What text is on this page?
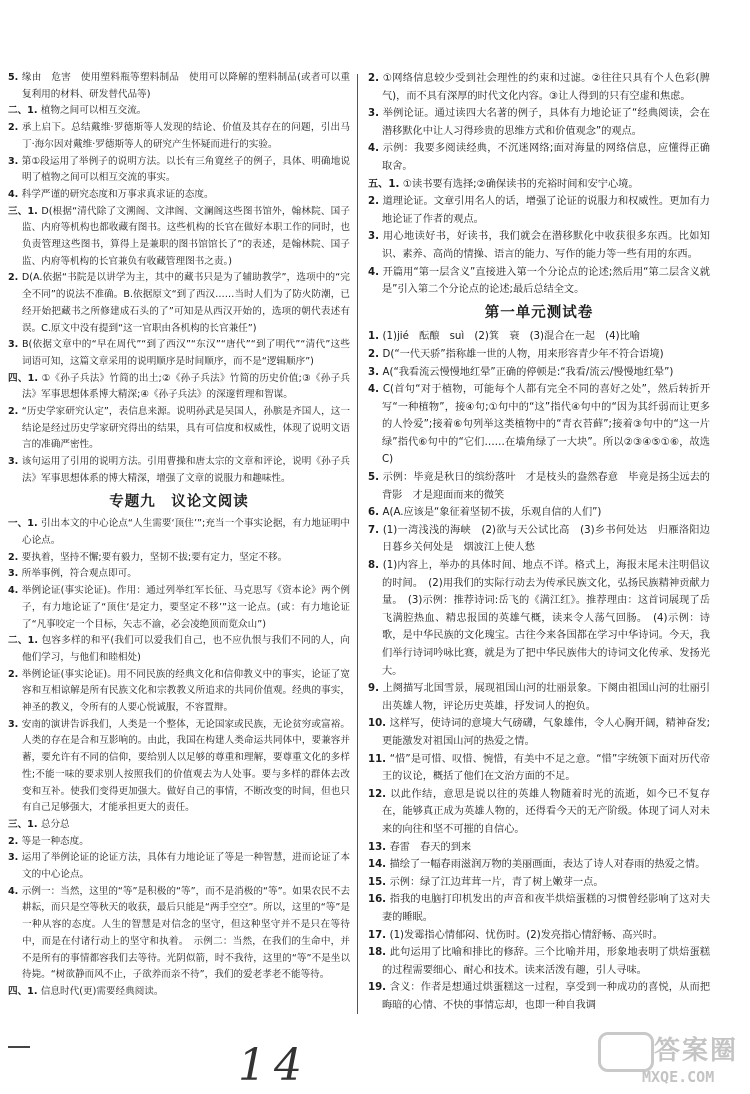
5. 缘由　危害　使用塑料瓶等塑料制品　使用可以降解的塑料制品(或者可以重复利用的材料、研发替代品等)

二、1. 植物之间可以相互交流。

2. 承上启下。总结戴维·罗德斯等人发现的结论、价值及其存在的问题，引出马丁·海尔因对戴维·罗德斯等人的研究产生怀疑而进行的实验。

3. 第①段运用了举例子的说明方法。以长有三角寛丝子的例子，具体、明确地说明了植物之间可以相互交流的事实。

4. 科学严谨的研究态度和万事求真求证的态度。

三、1. D(根据“清代除了文溯阁、文津阁、文澜阁这些图书馆外，翰林院、国子监、内府等机构也都收藏有图书。这些机构的长官在做好本职工作的同时，也负责管理这些图书，算得上是兼职的图书馆馆长了”的表述，是翰林院、国子监、内府等机构的长官兼负有收藏管理图书之责。)

2. D(A.依据“书院是以讲学为主，其中的藏书只是为了辅助教学”，选项中的“完全不同”的说法不准确。B.依据原文“到了西汉……当时人们为了防火防潮，已经开始把藏书之所修建成石头的了”可知是从西汉开始的，选项的朝代表述有误。C.原文中没有提到“这一官职由各机构的长官兼任”)

3. B(依据文章中的“早在周代”“到了西汉”“东汉”“唐代”“到了明代”“清代”这些词语可知，这篇文章采用的说明顺序是时间顺序，而不是“逻辑顺序”)

四、1. ①《孙子兵法》竹简的出土;②《孙子兵法》竹简的历史价值;③《孙子兵法》军事思想体系博大精深;④《孙子兵法》的深邃哲理和智谋。

2. “历史学家研究认定”，表信息来源。说明孙武是吴国人，孙膑是齐国人，这一结论是经过历史学家研究得出的结果，具有可信度和权威性，体现了说明文语言的准确严密性。

3. 该句运用了引用的说明方法。引用曹操和唐太宗的文章和评论，说明《孙子兵法》军事思想体系的博大精深，增强了文章的说服力和趣味性。

专题九　议论文阅读

一、1. 引出本文的中心论点“人生需要‘顶住’”;充当一个事实论据，有力地证明中心论点。

2. 要执着，坚持不懈;要有毅力，坚韧不拔;要有定力，坚定不移。

3. 所举事例，符合观点即可。

4. 举例论证(事实论证)。作用：通过列举红军长征、马克思写《资本论》两个例子，有力地论证了“顶住‘是定力，要坚定不移’”这一论点。(或：有力地论证了“凡事咬定一个目标，矢志不渝，必会凌绝顶而览众山”)

二、1. 包容多样的和平(我们可以爱我们自己，也不应仇恨与我们不同的人，向他们学习，与他们和睦相处)

2. 举例论证(事实论证)。用不同民族的经典文化和信仰教义中的事实，论证了宽容和互相谅解是所有民族文化和宗教教义所追求的共同价值观。经典的事实，神圣的教义，令所有的人要心悦诚服，不容置辩。

3. 安南的演讲告诉我们，人类是一个整体，无论国家或民族，无论贫穷或富裕。人类的存在是合和互影响的。由此，我国在构建人类命运共同体中，要兼容并蓄，要允许有不同的信仰，要给别人以足够的尊重和理解，要尊重文化的多样性;不能一味的要求别人按照我们的价值观去为人处事。要与多样的群体去改变和互补。使我们变得更加强大。做好自己的事情，不断改变的时间，但也只有自己足够强大，才能承担更大的责任。

三、1. 总分总

2. 等是一种态度。

3. 运用了举例论证的论证方法，具体有力地论证了等是一种智慧，进而论证了本文的中心论点。

4. 示例一：当然，这里的“等”是积极的“等”，而不是消极的“等”。如果农民不去耕耘，而只是空等秋天的收获，最后只能是“两手空空”。所以，这里的“等”是一种从容的态度。人生的智慧是对信念的坚守，但这种坚守并不是只在等待中，而是在付诸行动上的坚守和执着。　示例二：当然，在我们的生命中，并不是所有的事情都容我们去等待。光阴似箭，时不我待，这里的“等”不是坐以待毙。“树欲静而风不止，子欲养而亲不待”，我们的爱老孝老不能等待。

四、1. 信息时代(更)需要经典阅读。

2. ①网络信息较少受到社会理性的约束和过滤。②往往只具有个人色彩(脾气)，而不具有深厚的时代文化内容。③让人得到的只有空虚和焦虑。

3. 举例论证。通过读四大名著的例子，具体有力地论证了“经典阅读，会在潜移默化中让人习得珍贵的思维方式和价值观念”的观点。

4. 示例：我要多阅读经典，不沉迷网络;面对海量的网络信息，应懂得正确取舍。

五、1. ①读书要有选择;②确保读书的充裕时间和安宁心境。

2. 道理论证。文章引用名人的话，增强了论证的说服力和权威性。更加有力地论证了作者的观点。

3. 用心地读好书，好读书，我们就会在潜移默化中收获很多东西。比如知识、素养、高尚的情操、语言的能力、写作的能力等一些有用的东西。

4. 开篇用“第一层含义”直接进入第一个分论点的论述;然后用“第二层含义就是”引入第二个分论点的论述;最后总结全文。

第一单元测试卷

1. (1)jié　酝酿　suì　(2)箕　衰　(3)混合在一起　(4)比喻

2. D(“一代天骄”指称雄一世的人物，用来形容青少年不符合语境)

3. A(“我看流云慢慢地红晕”正确的停顿是:“我看/流云/慢慢地红晕”)

4. C(首句“对于植物，可能每个人都有完全不同的喜好之处”，然后转折开写“一种植物”，接④句;①句中的“这”指代④句中的“因为其纤弱而让更多的人怜爱”;接着⑥句列举这类植物中的“青衣苔藓”;接着③句中的“这一片绿”指代⑥句中的“它们……在墙角绿了一大块”。所以②③④⑤①⑥，故选C)

5. 示例：毕竟是秋日的缤纷落叶　才是枝头的盎然春意　毕竟是扬尘远去的背影　才是迎面而来的微笑

6. A(A.应该是“象征着坚韧不拔，乐观自信的人们”)

7. (1)一湾浅浅的海峡　(2)欲与天公试比高　(3)乡书何处达　归雁洛阳边　日暮乡关何处是　烟波江上使人愁

8. (1)内容上，举办的具体时间、地点不详。格式上，海报末尾未注明倡议的时间。　(2)用我们的实际行动去为传承民族文化，弘扬民族精神贡献力量。　(3)示例：推荐诗词:岳飞的《满江红》。推荐理由：这首词展现了岳飞满腔热血、精忠报国的英雄气概，读来令人荡气回肠。　(4)示例：诗歌，是中华民族的文化瑰宝。古往今来各国都在学习中华诗词。今天，我们举行诗词吟咏比赛，就是为了把中华民族伟大的诗词文化传承、发扬光大。

9. 上阕描写北国雪景，展现祖国山河的壮丽景象。下阕由祖国山河的壮丽引出英雄人物，评论历史英雄，抒发词人的抱负。

10. 这样写，使诗词的意境大气磅礴，气象雄伟，令人心胸开阔，精神奋发;更能激发对祖国山河的热爱之情。

11. “惜”是可惜、叹惜、惋惜，有美中不足之意。“惜”字统领下面对历代帝王的议论，概括了他们在文治方面的不足。

12. 以此作结，意思是说以往的英雄人物随着时光的流逝，如今已不复存在，能够真正成为英雄人物的，还得看今天的无产阶级。体现了词人对未来的向往和坚不可摧的自信心。

13. 春雷　春天的到来

14. 描绘了一幅春雨滋润万物的美丽画面，表达了诗人对春雨的热爱之情。

15. 示例：绿了江边茸茸一片，青了树上嫩芽一点。

16. 指我的电脑打印机发出的声音和夜半烘焙蛋糕的习惯曾经影响了这对夫妻的睡眠。

17. (1)发霉指心情郁闷、忧伤时。(2)发亮指心情舒畅、高兴时。

18. 此句运用了比喻和排比的修辞。三个比喻并用，形象地表明了烘焙蛋糕的过程需要细心、耐心和技术。读来活泼有趣，引人寻味。

19. 含义：作者是想通过烘蛋糕这一过程，享受到一种成功的喜悦，从而把晦暗的心情、不快的事情忘却，也即一种自我调

14	答案圈
MXQE.COM
